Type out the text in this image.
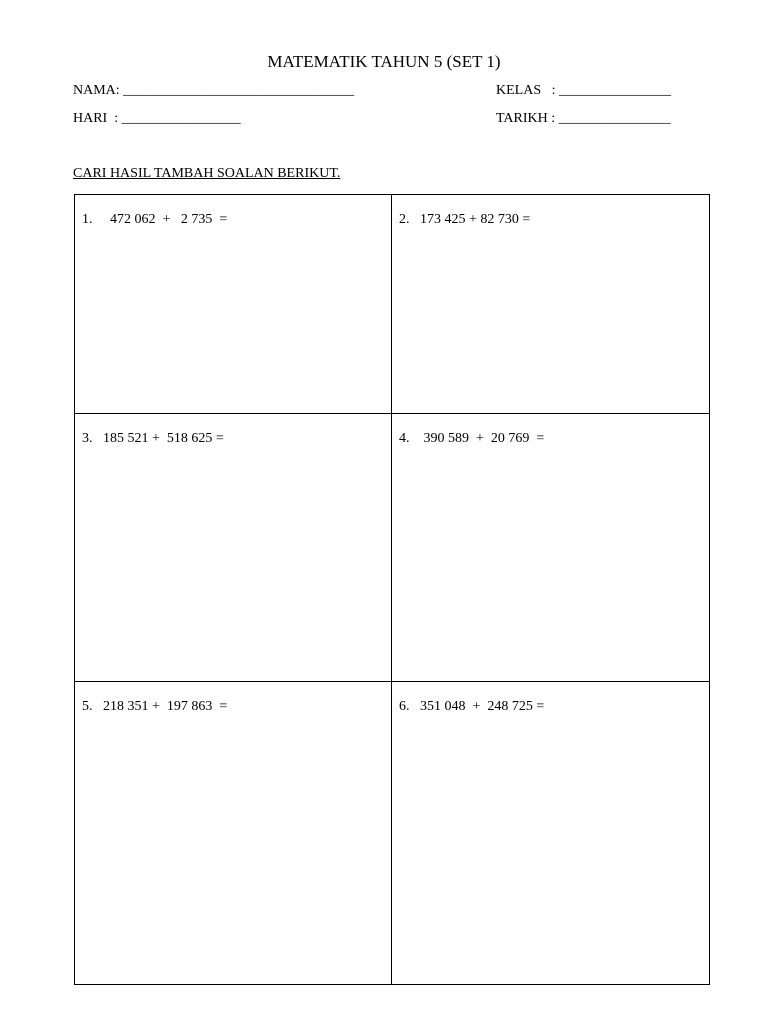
MATEMATIK TAHUN 5 (SET 1)
NAMA: _________________________________	KELAS   : ________________
HARI  : _________________	TARIKH : ________________
CARI HASIL TAMBAH SOALAN BERIKUT.
1.     472 062  +   2 735  =	2.   173 425 + 82 730 =
3.   185 521 +  518 625 =	4.    390 589  +  20 769  =
5.   218 351 +  197 863  =	6.   351 048  +  248 725 =
